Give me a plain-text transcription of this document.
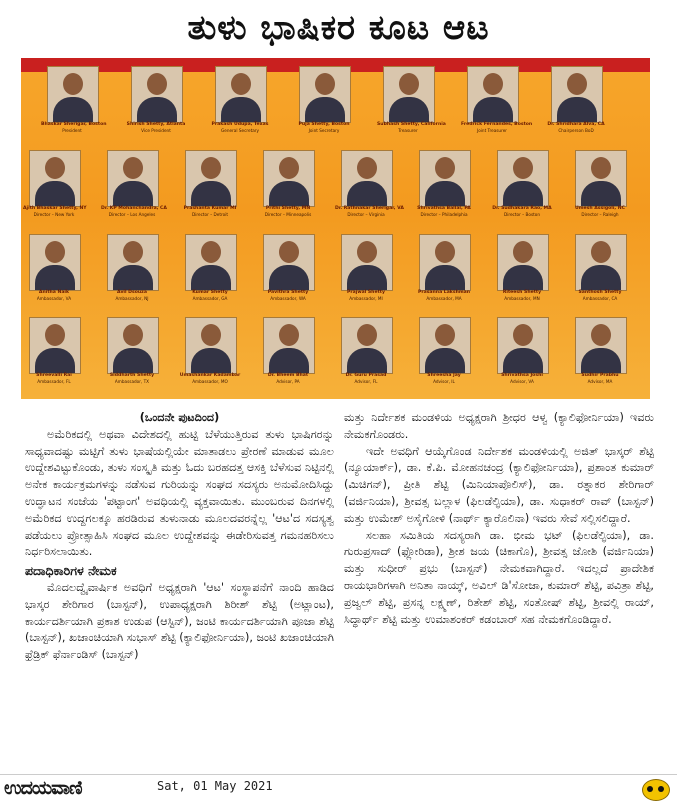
ತುಳು ಭಾಷಿಕರ ಕೂಟ ಆಟ
Bhaskar Sherigar, Boston
President
Shirish Shetty, Atlanta
Vice President
Prakash Udupa, Texas
General Secretary
Puja Shetty, Boston
Joint Secretary
Subhash Shetty, California
Treasurer
Fredrick Fernandes, Boston
Joint Treasurer
Dr. Shridhara Alva, CA
Chairperson BoD
Ajith Bhaskar Shetty, NY
Director – New York
Dr. KP Mohanchandra, CA
Director – Los Angeles
Prashanta Kumar MI
Director – Detroit
Prithi Shetty, MN
Director – Minneapolis
Dr. Rathnakar Sherigar, VA
Director – Virginia
Shrivathsa Ballal, PA
Director – Philadelphia
Dr. Sudhakara Rao, MA
Director – Boston
Umesh Assigoli, NC
Director – Raleigh
Anitha Naik
Ambassador, VA
Avil Dsouza
Ambassador, NJ
Kumar Shetty
Ambassador, GA
Pavithra Shetty
Ambassador, WA
Prajwal Shetty
Ambassador, MI
Prasanna Lakshman
Ambassador, MA
Riteesh Shetty
Ambassador, MN
Santhosh Shetty
Ambassador, CA
Shreevalli Rai
Ambassador, FL
Siddharth Shetty
Ambassador, TX
Umashankar Kadambar
Ambassador, MO
Dr. Bheem Bhat
Advisor, PA
Dr. Guru Prasad
Advisor, FL
Shreesha Jay
Advisor, IL
Shrivathsa Joshi
Advisor, VA
Sudhir Prabhu
Advisor, MA

(ಒಂದನೇ ಪುಟದಿಂದ)

ಅಮೆರಿಕದಲ್ಲಿ ಅಥವಾ ವಿದೇಶದಲ್ಲಿ ಹುಟ್ಟಿ ಬೆಳೆಯುತ್ತಿರುವ ತುಳು ಭಾಷಿಗರನ್ನು ಸಾಧ್ಯವಾದಷ್ಟು ಮಟ್ಟಿಗೆ ತುಳು ಭಾಷೆಯಲ್ಲಿಯೇ ಮಾತಾಡಲು ಪ್ರೇರಣೆ ಮಾಡುವ ಮೂಲ ಉದ್ದೇಶವಿಟ್ಟುಕೊಂಡು, ತುಳು ಸಂಸ್ಕೃತಿ ಮತ್ತು ಓದು ಬರಹದತ್ತ ಆಸಕ್ತಿ ಬೆಳೆಸುವ ನಿಟ್ಟಿನಲ್ಲಿ ಅನೇಕ ಕಾರ್ಯಕ್ರಮಗಳನ್ನು ನಡೆಸುವ ಗುರಿಯನ್ನು ಸಂಘದ ಸದಸ್ಯರು ಅನುಮೋದಿಸಿದ್ದು ಉದ್ಘಾಟನ ಸಂಜೆಯ 'ಪಟ್ಟಾಂಗ' ಅವಧಿಯಲ್ಲಿ ವ್ಯಕ್ತವಾಯಿತು. ಮುಂಬರುವ ದಿನಗಳಲ್ಲಿ ಅಮೆರಿಕದ ಉದ್ದಗಲಕ್ಕೂ ಹರಡಿರುವ ತುಳುನಾಡು ಮೂಲದವರನ್ನೆಲ್ಲ 'ಆಟ'ದ ಸದಸ್ಯತ್ವ ಪಡೆಯಲು ಪ್ರೋತ್ಸಾಹಿಸಿ ಸಂಘದ ಮೂಲ ಉದ್ದೇಶವನ್ನು ಈಡೇರಿಸುವತ್ತ ಗಮನಹರಿಸಲು ನಿರ್ಧರಿಸಲಾಯಿತು.

ಪದಾಧಿಕಾರಿಗಳ ನೇಮಕ

ಮೊದಲದ್ವೈವಾರ್ಷಿಕ ಅವಧಿಗೆ ಅಧ್ಯಕ್ಷರಾಗಿ 'ಆಟ' ಸಂಸ್ಥಾಪನೆಗೆ ನಾಂದಿ ಹಾಡಿದ ಭಾಸ್ಕರ ಶೇರಿಗಾರ (ಬಾಸ್ಟನ್), ಉಪಾಧ್ಯಕ್ಷರಾಗಿ ಶಿರೀಶ್ ಶೆಟ್ಟಿ (ಅಟ್ಲಾಂಟ), ಕಾರ್ಯದರ್ಶಿಯಾಗಿ ಪ್ರಕಾಶ ಉಡುಪ (ಆಸ್ಟಿನ್), ಜಂಟಿ ಕಾರ್ಯದರ್ಶಿಯಾಗಿ ಪೂಜಾ ಶೆಟ್ಟಿ (ಬಾಸ್ಟನ್), ಖಜಾಂಚಿಯಾಗಿ ಸುಭಾಸ್ ಶೆಟ್ಟಿ (ಕ್ಯಾಲಿಫೋರ್ನಿಯಾ), ಜಂಟಿ ಖಜಾಂಚಿಯಾಗಿ ಫ್ರೆಡ್ರಿಕ್ ಫೆರ್ನಾಂಡಿಸ್ (ಬಾಸ್ಟನ್)

ಮತ್ತು ನಿರ್ದೇಶಕ ಮಂಡಳಿಯ ಅಧ್ಯಕ್ಷರಾಗಿ ಶ್ರೀಧರ ಆಳ್ವ (ಕ್ಯಾಲಿಫೋರ್ನಿಯಾ) ಇವರು ನೇಮಕಗೊಂಡರು.

ಇದೇ ಅವಧಿಗೆ ಆಯ್ಕೆಗೊಂಡ ನಿರ್ದೇಶಕ ಮಂಡಳಿಯಲ್ಲಿ ಅಜಿತ್ ಭಾಸ್ಕರ್ ಶೆಟ್ಟಿ (ನ್ಯೂಯಾರ್ಕ್), ಡಾ. ಕೆ.ಪಿ. ಮೋಹನಚಂದ್ರ (ಕ್ಯಾಲಿಫೋರ್ನಿಯಾ), ಪ್ರಶಾಂತ ಕುಮಾರ್ (ಮಿಚಿಗನ್), ಪ್ರೀತಿ ಶೆಟ್ಟಿ (ಮಿನಿಯಾಪೊಲಿಸ್), ಡಾ. ರತ್ನಾಕರ ಶೇರಿಗಾರ್ (ವರ್ಜಿನಿಯಾ), ಶ್ರೀವತ್ಸ ಬಲ್ಲಾಳ (ಫಿಲಡೆಲ್ಫಿಯಾ), ಡಾ. ಸುಧಾಕರ್ ರಾವ್ (ಬಾಸ್ಟನ್) ಮತ್ತು ಉಮೇಶ್ ಅಸೈಗೋಳಿ (ನಾರ್ಥ್ ಕ್ಯಾರೊಲಿನಾ) ಇವರು ಸೇವೆ ಸಲ್ಲಿಸಲಿದ್ದಾರೆ.

ಸಲಹಾ ಸಮಿತಿಯ ಸದಸ್ಯರಾಗಿ ಡಾ. ಭೀಮ ಭಟ್ (ಫಿಲಡೆಲ್ಫಿಯಾ), ಡಾ. ಗುರುಪ್ರಸಾದ್ (ಫ್ಲೋರಿಡಾ), ಶ್ರೀಶ ಜಯ (ಚಿಕಾಗೊ), ಶ್ರೀವತ್ಸ ಜೋಶಿ (ವರ್ಜಿನಿಯಾ) ಮತ್ತು ಸುಧೀರ್ ಪ್ರಭು (ಬಾಸ್ಟನ್) ನೇಮಕವಾಗಿದ್ದಾರೆ. ಇದಲ್ಲದೆ ಪ್ರಾದೇಶಿಕ ರಾಯಭಾರಿಗಳಾಗಿ ಅನಿತಾ ನಾಯ್ಕ್, ಅವಿಲ್ ಡಿ'ಸೋಜಾ, ಕುಮಾರ್ ಶೆಟ್ಟಿ, ಪವಿತ್ರಾ ಶೆಟ್ಟಿ, ಪ್ರಜ್ವಲ್ ಶೆಟ್ಟಿ, ಪ್ರಸನ್ನ ಲಕ್ಷ್ಮಣ್, ರಿತೇಶ್ ಶೆಟ್ಟಿ, ಸಂತೋಷ್ ಶೆಟ್ಟಿ, ಶ್ರೀವಲ್ಲಿ ರಾಯ್, ಸಿದ್ಧಾರ್ಥ್ ಶೆಟ್ಟಿ ಮತ್ತು ಉಮಾಶಂಕರ್ ಕಡಂಬಾರ್ ಸಹ ನೇಮಕಗೊಂಡಿದ್ದಾರೆ.

ಉದಯವಾಣಿ	Sat, 01 May 2021
